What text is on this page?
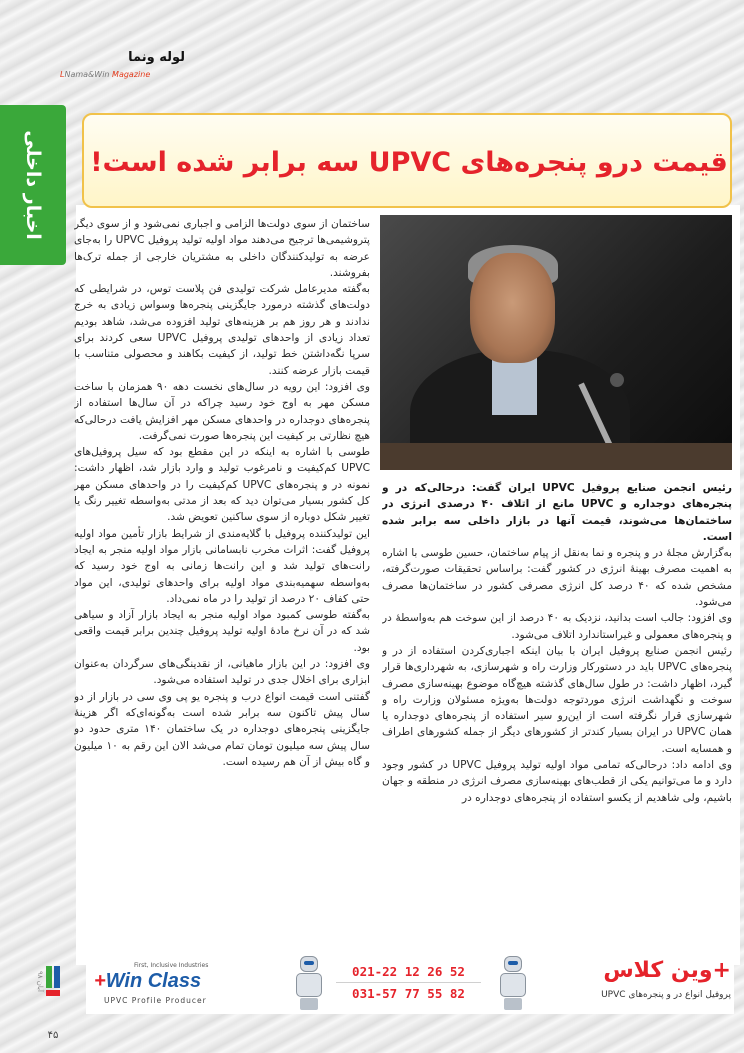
لوله ونما
LNama&Win Magazine
اخبار داخلی قیمت درو پنجره‌های UPVC سه برابر شده است!

ساختمان از سوی دولت‌ها الزامی و اجباری نمی‌شود و از سوی دیگر پتروشیمی‌ها ترجیح می‌دهند مواد اولیه تولید پروفیل UPVC را به‌جای عرضه به تولیدکنندگان داخلی به مشتریان خارجی از جمله ترک‌ها بفروشند.

به‌گفته مدیرعامل شرکت تولیدی فن پلاست توس، در شرایطی که دولت‌های گذشته درمورد جایگزینی پنجره‌ها وسواس زیادی به خرج ندادند و هر روز هم بر هزینه‌های تولید افزوده می‌شد، شاهد بودیم تعداد زیادی از واحدهای تولیدی پروفیل UPVC سعی کردند برای سرپا نگه‌داشتن خط تولید، از کیفیت بکاهند و محصولی متناسب با قیمت بازار عرضه کنند.

وی افزود: این رویه در سال‌های نخست دهه ۹۰ همزمان با ساخت مسکن مهر به اوج خود رسید چراکه در آن سال‌ها استفاده از پنجره‌های دوجداره در واحدهای مسکن مهر افزایش یافت درحالی‌که هیچ نظارتی بر کیفیت این پنجره‌ها صورت نمی‌گرفت.

طوسی با اشاره به اینکه در این مقطع بود که سیل پروفیل‌های UPVC کم‌کیفیت و نامرغوب تولید و وارد بازار شد، اظهار داشت: نمونه در و پنجره‌های UPVC کم‌کیفیت را در واحدهای مسکن مهر کل کشور بسیار می‌توان دید که بعد از مدتی به‌واسطه تغییر رنگ یا تغییر شکل دوباره از سوی ساکنین تعویض شد.

این تولیدکننده پروفیل با گلایه‌مندی از شرایط بازار تأمین مواد اولیه پروفیل گفت: اثرات مخرب نابسامانی بازار مواد اولیه منجر به ایجاد رانت‌های تولید شد و این رانت‌ها زمانی به اوج خود رسید که به‌واسطه سهمیه‌بندی مواد اولیه برای واحدهای تولیدی، این مواد حتی کفاف ۲۰ درصد از تولید را در ماه نمی‌داد.

به‌گفته طوسی کمبود مواد اولیه منجر به ایجاد بازار آزاد و سیاهی شد که در آن نرخ مادهٔ اولیه تولید پروفیل چندین برابر قیمت واقعی بود.

وی افزود: در این بازار ماهیانی، از نقدینگی‌های سرگردان به‌عنوان ابزاری برای اخلال جدی در تولید استفاده می‌شود.

گفتنی است قیمت انواع درب و پنجره یو پی وی سی در بازار از دو سال پیش تاکنون سه برابر شده است به‌گونه‌ای‌که اگر هزینهٔ جایگزینی پنجره‌های دوجداره در یک ساختمان ۱۴۰ متری حدود دو سال پیش سه میلیون تومان تمام می‌شد الان این رقم به ۱۰ میلیون و گاه بیش از آن هم رسیده است.

رئیس انجمن صنایع پروفیل UPVC ایران گفت: درحالی‌که در و پنجره‌های دوجداره و UPVC مانع از اتلاف ۴۰ درصدی انرژی در ساختمان‌ها می‌شوند، قیمت آنها در بازار داخلی سه برابر شده است.

به‌گزارش مجلهٔ در و پنجره و نما به‌نقل از پیام ساختمان، حسین طوسی با اشاره به اهمیت مصرف بهینهٔ انرژی در کشور گفت: براساس تحقیقات صورت‌گرفته، مشخص شده که ۴۰ درصد کل انرژی مصرفی کشور در ساختمان‌ها مصرف می‌شود.

وی افزود: جالب است بدانید، نزدیک به ۴۰ درصد از این سوخت هم به‌واسطهٔ در و پنجره‌های معمولی و غیراستاندارد اتلاف می‌شود.

رئیس انجمن صنایع پروفیل ایران با بیان اینکه اجباری‌کردن استفاده از در و پنجره‌های UPVC باید در دستورکار وزارت راه و شهرسازی، به شهرداری‌ها قرار گیرد، اظهار داشت: در طول سال‌های گذشته هیچ‌گاه موضوع بهینه‌سازی مصرف سوخت و نگهداشت انرژی موردتوجه دولت‌ها به‌ویژه مسئولان وزارت راه و شهرسازی قرار نگرفته است از این‌رو سیر استفاده از پنجره‌های دوجداره یا همان UPVC در ایران بسیار کندتر از کشورهای دیگر از جمله کشورهای اطراف و همسایه است.

وی ادامه داد: درحالی‌که تمامی مواد اولیه تولید پروفیل UPVC در کشور وجود دارد و ما می‌توانیم یکی از قطب‌های بهینه‌سازی مصرف انرژی در منطقه و جهان باشیم، ولی شاهدیم از یکسو استفاده از پنجره‌های دوجداره در

First, Inclusive Industries
+Win Class
UPVC Profile Producer
021-22 12 26 52
031-57 77 55 82
+وین کلاس
پروفیل انواع در و پنجره‌های UPVC
آبان ۹۸
۴۵
